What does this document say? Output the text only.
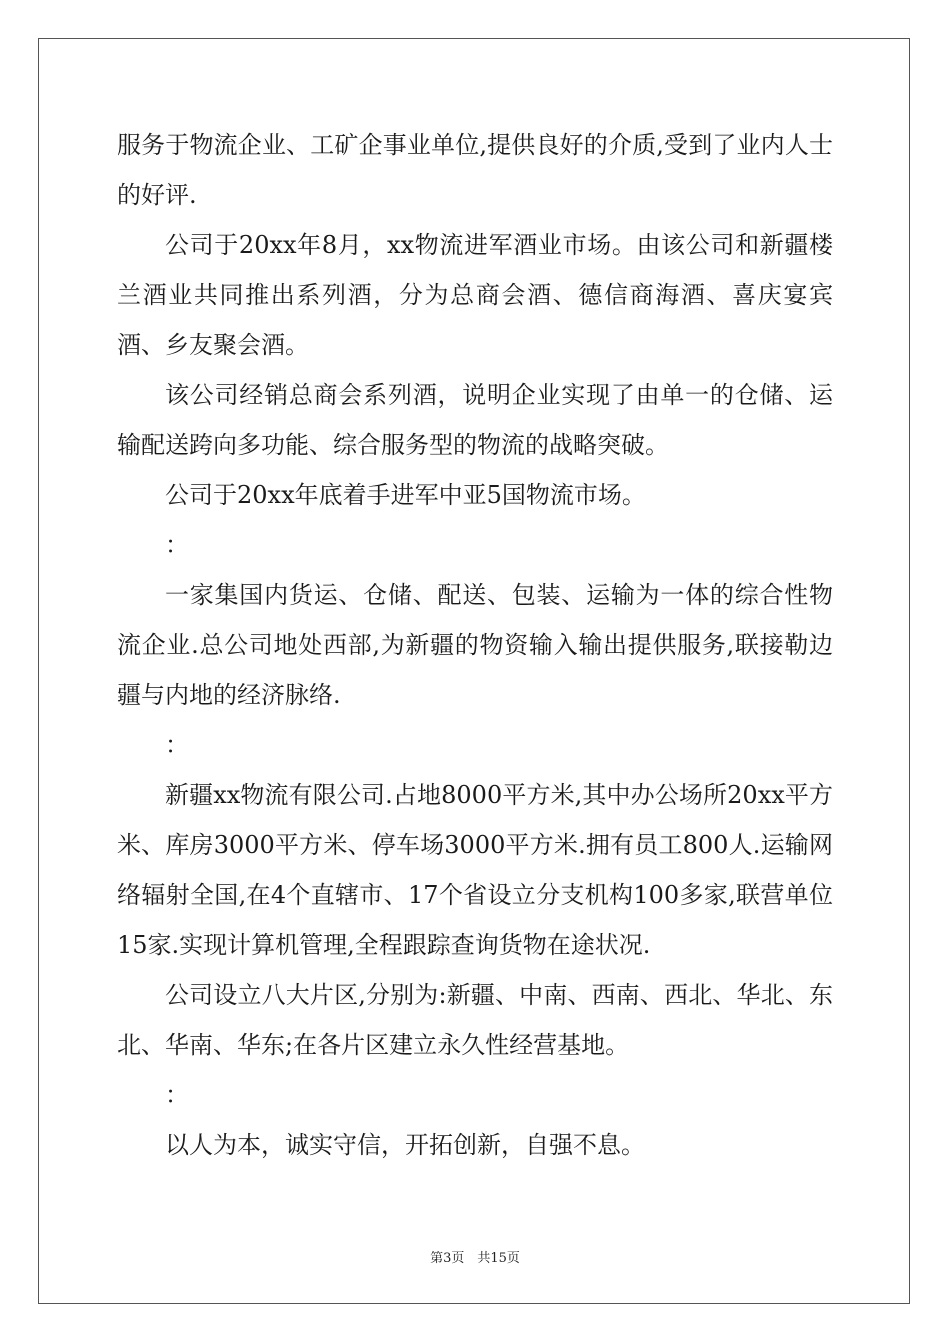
服务于物流企业、工矿企事业单位,提供良好的介质,受到了业内人士的好评.

公司于20xx年8月，xx物流进军酒业市场。由该公司和新疆楼兰酒业共同推出系列酒，分为总商会酒、德信商海酒、喜庆宴宾酒、乡友聚会酒。

该公司经销总商会系列酒，说明企业实现了由单一的仓储、运输配送跨向多功能、综合服务型的物流的战略突破。

公司于20xx年底着手进军中亚5国物流市场。

：

一家集国内货运、仓储、配送、包装、运输为一体的综合性物流企业.总公司地处西部,为新疆的物资输入输出提供服务,联接勒边疆与内地的经济脉络.

：

新疆xx物流有限公司.占地8000平方米,其中办公场所20xx平方米、库房3000平方米、停车场3000平方米.拥有员工800人.运输网络辐射全国,在4个直辖市、17个省设立分支机构100多家,联营单位15家.实现计算机管理,全程跟踪查询货物在途状况.

公司设立八大片区,分别为:新疆、中南、西南、西北、华北、东北、华南、华东;在各片区建立永久性经营基地。

：

以人为本，诚实守信，开拓创新，自强不息。

第3页　共15页
